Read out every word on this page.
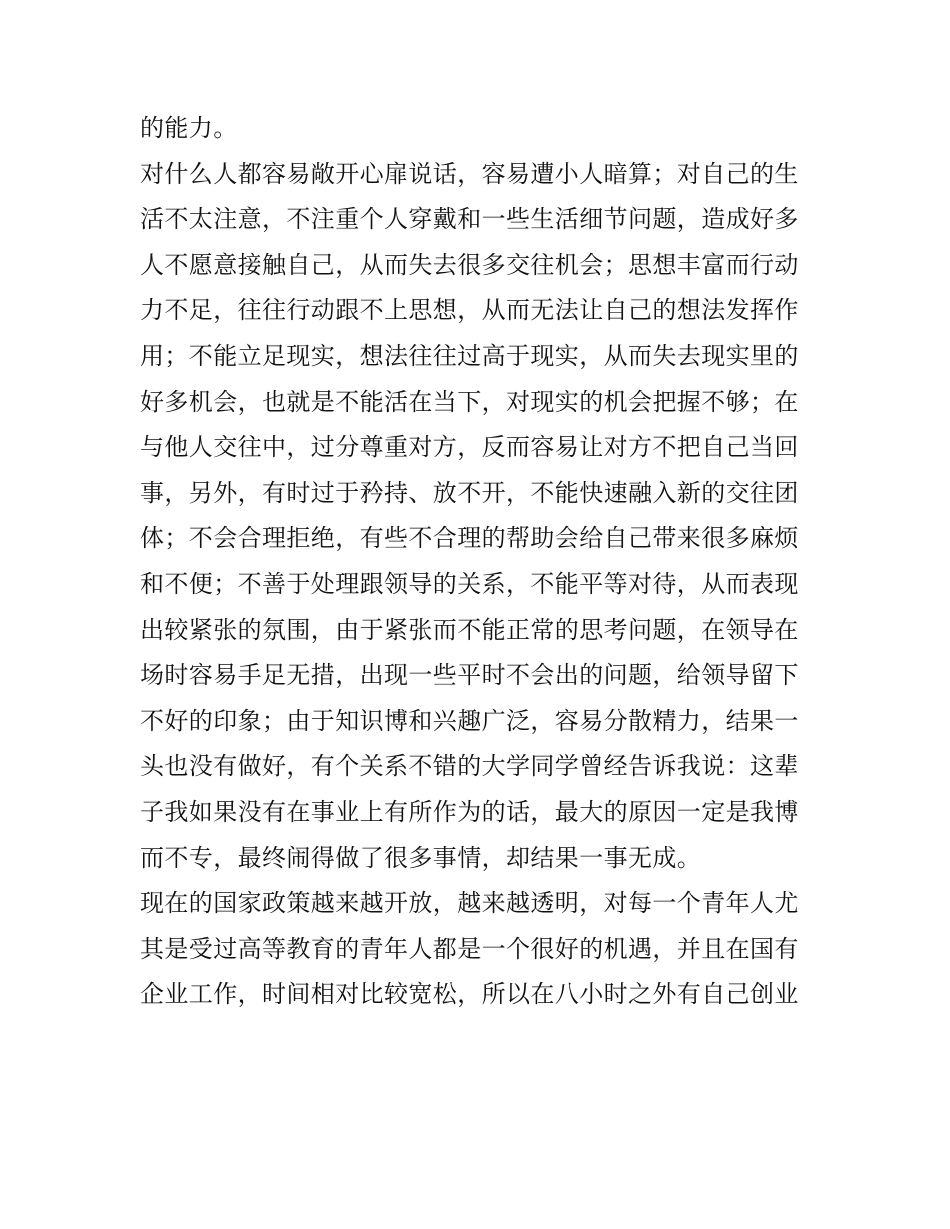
的能力。
对什么人都容易敞开心扉说话，容易遭小人暗算；对自己的生
活不太注意，不注重个人穿戴和一些生活细节问题，造成好多
人不愿意接触自己，从而失去很多交往机会；思想丰富而行动
力不足，往往行动跟不上思想，从而无法让自己的想法发挥作
用；不能立足现实，想法往往过高于现实，从而失去现实里的
好多机会，也就是不能活在当下，对现实的机会把握不够；在
与他人交往中，过分尊重对方，反而容易让对方不把自己当回
事，另外，有时过于矜持、放不开，不能快速融入新的交往团
体；不会合理拒绝，有些不合理的帮助会给自己带来很多麻烦
和不便；不善于处理跟领导的关系，不能平等对待，从而表现
出较紧张的氛围，由于紧张而不能正常的思考问题，在领导在
场时容易手足无措，出现一些平时不会出的问题，给领导留下
不好的印象；由于知识博和兴趣广泛，容易分散精力，结果一
头也没有做好，有个关系不错的大学同学曾经告诉我说：这辈
子我如果没有在事业上有所作为的话，最大的原因一定是我博
而不专，最终闹得做了很多事情，却结果一事无成。
现在的国家政策越来越开放，越来越透明，对每一个青年人尤
其是受过高等教育的青年人都是一个很好的机遇，并且在国有
企业工作，时间相对比较宽松，所以在八小时之外有自己创业
